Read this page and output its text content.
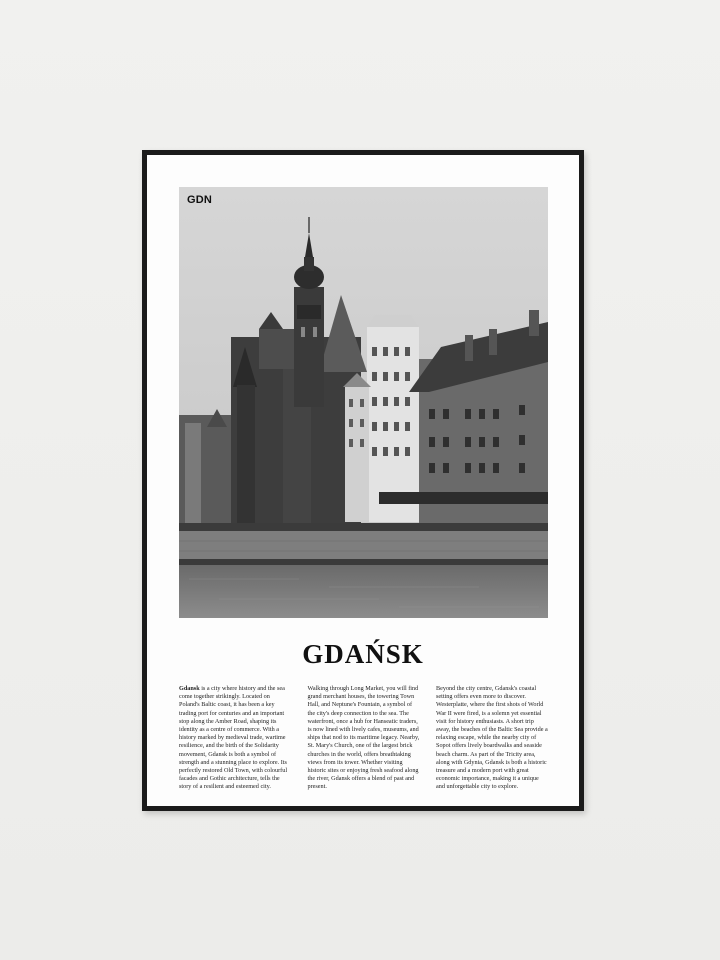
GDN
GDAŃSK
Gdansk is a city where history and the sea come together strikingly. Located on Poland's Baltic coast, it has been a key trading port for centuries and an important stop along the Amber Road, shaping its identity as a centre of commerce. With a history marked by medieval trade, wartime resilience, and the birth of the Solidarity movement, Gdansk is both a symbol of strength and a stunning place to explore. Its perfectly restored Old Town, with colourful facades and Gothic architecture, tells the story of a resilient and esteemed city.
Walking through Long Market, you will find grand merchant houses, the towering Town Hall, and Neptune's Fountain, a symbol of the city's deep connection to the sea. The waterfront, once a hub for Hanseatic traders, is now lined with lively cafes, museums, and ships that nod to its maritime legacy. Nearby, St. Mary's Church, one of the largest brick churches in the world, offers breathtaking views from its tower. Whether visiting historic sites or enjoying fresh seafood along the river, Gdansk offers a blend of past and present.
Beyond the city centre, Gdansk's coastal setting offers even more to discover. Westerplatte, where the first shots of World War II were fired, is a solemn yet essential visit for history enthusiasts. A short trip away, the beaches of the Baltic Sea provide a relaxing escape, while the nearby city of Sopot offers lively boardwalks and seaside beach charm. As part of the Tricity area, along with Gdynia, Gdansk is both a historic treasure and a modern port with great economic importance, making it a unique and unforgettable city to explore.
